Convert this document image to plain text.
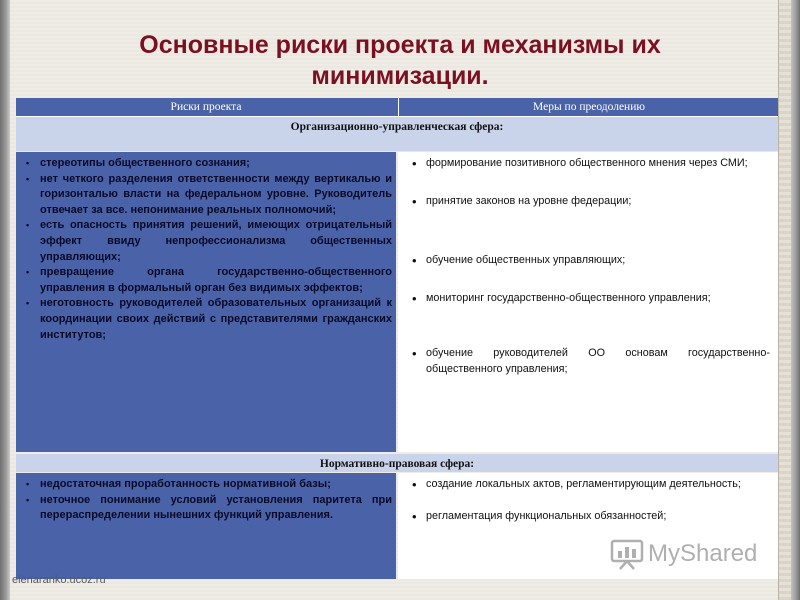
Основные риски проекта и механизмы их
минимизации.
Риски проекта	Меры по преодолению
Организационно-управленческая сфера:
• стереотипы общественного сознания;
• нет четкого разделения ответственности между вертикалью и горизонталью власти на федеральном уровне. Руководитель отвечает за все. непонимание реальных полномочий;
• есть опасность принятия решений, имеющих отрицательный эффект ввиду непрофессионализма общественных управляющих;
• превращение органа государственно-общественного управления в формальный орган без видимых эффектов;
• неготовность руководителей образовательных организаций к координации своих действий с представителями гражданских институтов;
• формирование позитивного общественного мнения через СМИ;
• принятие законов на уровне федерации;
• обучение общественных управляющих;
• мониторинг государственно-общественного управления;
• обучение руководителей ОО основам государственно-общественного управления;
Нормативно-правовая сфера:
• недостаточная проработанность нормативной базы;
• неточное понимание условий установления паритета при перераспределении нынешних функций управления.
• создание локальных актов, регламентирующим деятельность;
• регламентация функциональных обязанностей;
MyShared
elenaranko.ucoz.ru
